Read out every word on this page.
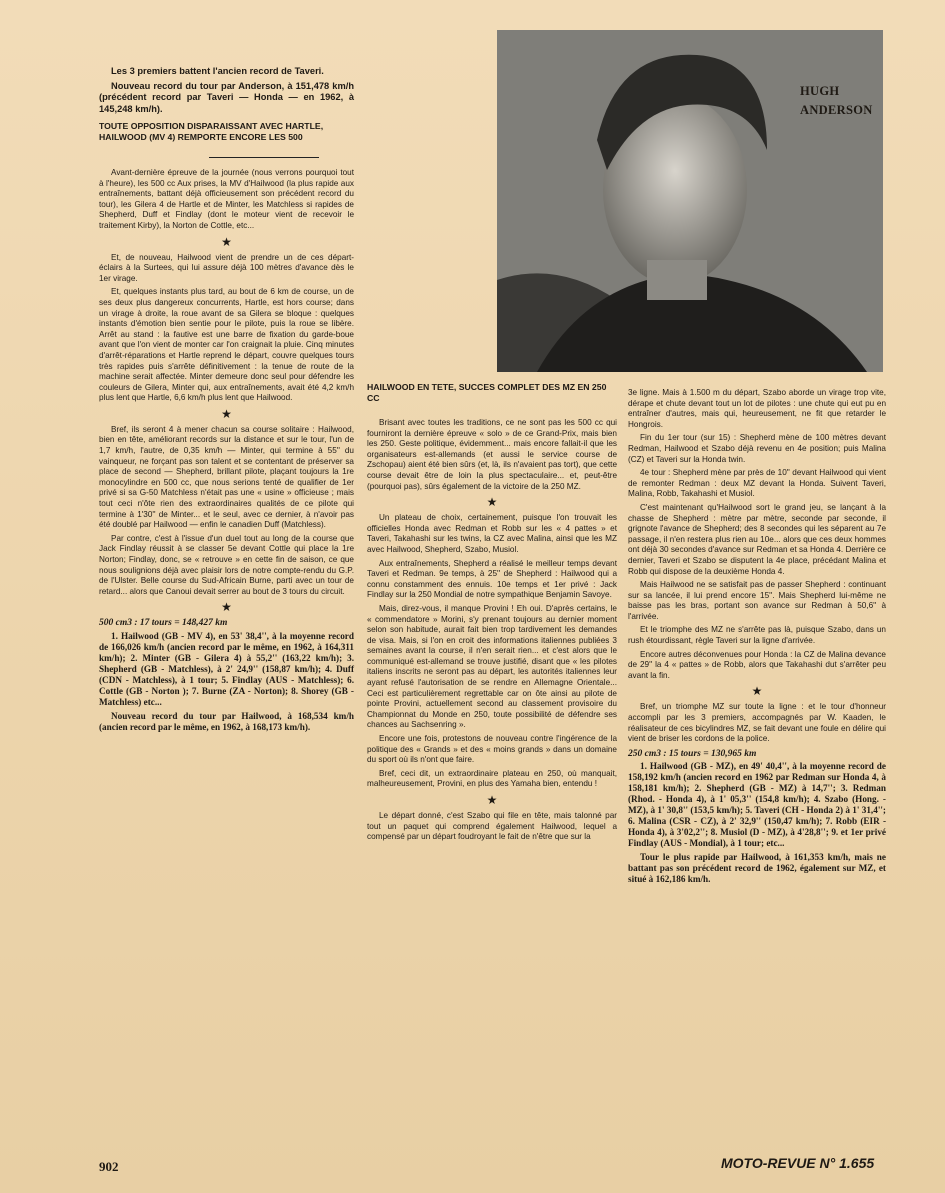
Les 3 premiers battent l'ancien record de Taveri.

Nouveau record du tour par Anderson, à 151,478 km/h (précédent record par Taveri — Honda — en 1962, à 145,248 km/h).

TOUTE OPPOSITION DISPARAISSANT AVEC HARTLE, HAILWOOD (MV 4) REMPORTE ENCORE LES 500

Avant-dernière épreuve de la journée (nous verrons pourquoi tout à l'heure), les 500 cc Aux prises, la MV d'Hailwood (la plus rapide aux entraînements, battant déjà officieusement son précédent record du tour), les Gilera 4 de Hartle et de Minter, les Matchless si rapides de Shepherd, Duff et Findlay (dont le moteur vient de recevoir le traitement Kirby), la Norton de Cottle, etc...

★

Et, de nouveau, Hailwood vient de prendre un de ces départ-éclairs à la Surtees, qui lui assure déjà 100 mètres d'avance dès le 1er virage.

Et, quelques instants plus tard, au bout de 6 km de course, un de ses deux plus dangereux concurrents, Hartle, est hors course; dans un virage à droite, la roue avant de sa Gilera se bloque : quelques instants d'émotion bien sentie pour le pilote, puis la roue se libère. Arrêt au stand : la fautive est une barre de fixation du garde-boue avant que l'on vient de monter car l'on craignait la pluie. Cinq minutes d'arrêt-réparations et Hartle reprend le départ, couvre quelques tours très rapides puis s'arrête définitivement : la tenue de route de la machine serait affectée. Minter demeure donc seul pour défendre les couleurs de Gilera, Minter qui, aux entraînements, avait été 4,2 km/h plus lent que Hartle, 6,6 km/h plus lent que Hailwood.

★

Bref, ils seront 4 à mener chacun sa course solitaire : Hailwood, bien en tête, améliorant records sur la distance et sur le tour, l'un de 1,7 km/h, l'autre, de 0,35 km/h — Minter, qui termine à 55'' du vainqueur, ne forçant pas son talent et se contentant de préserver sa place de second — Shepherd, brillant pilote, plaçant toujours la 1re monocylindre en 500 cc, que nous serions tenté de qualifier de 1er privé si sa G-50 Matchless n'était pas une « usine » officieuse ; mais tout ceci n'ôte rien des extraordinaires qualités de ce pilote qui termine à 1'30'' de Minter... et le seul, avec ce dernier, à n'avoir pas été doublé par Hailwood — enfin le canadien Duff (Matchless).

Par contre, c'est à l'issue d'un duel tout au long de la course que Jack Findlay réussit à se classer 5e devant Cottle qui place la 1re Norton; Findlay, donc, se « retrouve » en cette fin de saison, ce que nous soulignions déjà avec plaisir lors de notre compte-rendu du G.P. de l'Ulster. Belle course du Sud-Africain Burne, parti avec un tour de retard... alors que Canoui devait serrer au bout de 3 tours du circuit.

★
500 cm3 : 17 tours = 148,427 km

1. Hailwood (GB - MV 4), en 53' 38,4'', à la moyenne record de 166,026 km/h (ancien record par le même, en 1962, à 164,311 km/h); 2. Minter (GB - Gilera 4) à 55,2'' (163,22 km/h); 3. Shepherd (GB - Matchless), à 2' 24,9'' (158,87 km/h); 4. Duff (CDN - Matchless), à 1 tour; 5. Findlay (AUS - Matchless); 6. Cottle (GB - Norton ); 7. Burne (ZA - Norton); 8. Shorey (GB - Matchless) etc...

Nouveau record du tour par Hailwood, à 168,534 km/h (ancien record par le même, en 1962, à 168,173 km/h).

HUGH
ANDERSON
HAILWOOD EN TETE, SUCCES COMPLET DES MZ EN 250 CC

Brisant avec toutes les traditions, ce ne sont pas les 500 cc qui fourniront la dernière épreuve « solo » de ce Grand-Prix, mais bien les 250. Geste politique, évidemment... mais encore fallait-il que les organisateurs est-allemands (et aussi le service course de Zschopau) aient été bien sûrs (et, là, ils n'avaient pas tort), que cette course devait être de loin la plus spectaculaire... et, peut-être (pourquoi pas), sûrs également de la victoire de la 250 MZ.

★

Un plateau de choix, certainement, puisque l'on trouvait les officielles Honda avec Redman et Robb sur les « 4 pattes » et Taveri, Takahashi sur les twins, la CZ avec Malina, ainsi que les MZ avec Hailwood, Shepherd, Szabo, Musiol.

Aux entraînements, Shepherd a réalisé le meilleur temps devant Taveri et Redman. 9e temps, à 25'' de Shepherd : Hailwood qui a connu constamment des ennuis. 10e temps et 1er privé : Jack Findlay sur la 250 Mondial de notre sympathique Benjamin Savoye.

Mais, direz-vous, il manque Provini ! Eh oui. D'après certains, le « commendatore » Morini, s'y prenant toujours au dernier moment selon son habitude, aurait fait bien trop tardivement les demandes de visa. Mais, si l'on en croit des informations italiennes publiées 3 semaines avant la course, il n'en serait rien... et c'est alors que le communiqué est-allemand se trouve justifié, disant que « les pilotes italiens inscrits ne seront pas au départ, les autorités italiennes leur ayant refusé l'autorisation de se rendre en Allemagne Orientale... Ceci est particulièrement regrettable car on ôte ainsi au pilote de pointe Provini, actuellement second au classement provisoire du Championnat du Monde en 250, toute possibilité de défendre ses chances au Sachsenring ».

Encore une fois, protestons de nouveau contre l'ingérence de la politique des « Grands » et des « moins grands » dans un domaine du sport où ils n'ont que faire.

Bref, ceci dit, un extraordinaire plateau en 250, où manquait, malheureusement, Provini, en plus des Yamaha bien, entendu !

★

Le départ donné, c'est Szabo qui file en tête, mais talonné par tout un paquet qui comprend également Hailwood, lequel a compensé par un départ foudroyant le fait de n'être que sur la

3e ligne. Mais à 1.500 m du départ, Szabo aborde un virage trop vite, dérape et chute devant tout un lot de pilotes : une chute qui eut pu en entraîner d'autres, mais qui, heureusement, ne fit que retarder le Hongrois.

Fin du 1er tour (sur 15) : Shepherd mène de 100 mètres devant Redman, Hailwood et Szabo déjà revenu en 4e position; puis Malina (CZ) et Taveri sur la Honda twin.

4e tour : Shepherd mène par près de 10'' devant Hailwood qui vient de remonter Redman : deux MZ devant la Honda. Suivent Taveri, Malina, Robb, Takahashi et Musiol.

C'est maintenant qu'Hailwood sort le grand jeu, se lançant à la chasse de Shepherd : mètre par mètre, seconde par seconde, il grignote l'avance de Shepherd; des 8 secondes qui les séparent au 7e passage, il n'en restera plus rien au 10e... alors que ces deux hommes ont déjà 30 secondes d'avance sur Redman et sa Honda 4. Derrière ce dernier, Taveri et Szabo se disputent la 4e place, précédant Malina et Robb qui dispose de la deuxième Honda 4.

Mais Hailwood ne se satisfait pas de passer Shepherd : continuant sur sa lancée, il lui prend encore 15''. Mais Shepherd lui-même ne baisse pas les bras, portant son avance sur Redman à 50,6'' à l'arrivée.

Et le triomphe des MZ ne s'arrête pas là, puisque Szabo, dans un rush étourdissant, règle Taveri sur la ligne d'arrivée.

Encore autres déconvenues pour Honda : la CZ de Malina devance de 29'' la 4 « pattes » de Robb, alors que Takahashi dut s'arrêter peu avant la fin.

★

Bref, un triomphe MZ sur toute la ligne : et le tour d'honneur accompli par les 3 premiers, accompagnés par W. Kaaden, le réalisateur de ces bicylindres MZ, se fait devant une foule en délire qui vient de briser les cordons de la police.

250 cm3 : 15 tours = 130,965 km

1. Hailwood (GB - MZ), en 49' 40,4'', à la moyenne record de 158,192 km/h (ancien record en 1962 par Redman sur Honda 4, à 158,181 km/h); 2. Shepherd (GB - MZ) à 14,7''; 3. Redman (Rhod. - Honda 4), à 1' 05,3'' (154,8 km/h); 4. Szabo (Hong. - MZ), à 1' 30,8'' (153,5 km/h); 5. Taveri (CH - Honda 2) à 1' 31,4''; 6. Malina (CSR - CZ), à 2' 32,9'' (150,47 km/h); 7. Robb (EIR - Honda 4), à 3'02,2''; 8. Musiol (D - MZ), à 4'28,8''; 9. et 1er privé Findlay (AUS - Mondial), à 1 tour; etc...

Tour le plus rapide par Hailwood, à 161,353 km/h, mais ne battant pas son précédent record de 1962, également sur MZ, et situé à 162,186 km/h.

902	MOTO-REVUE N° 1.655
